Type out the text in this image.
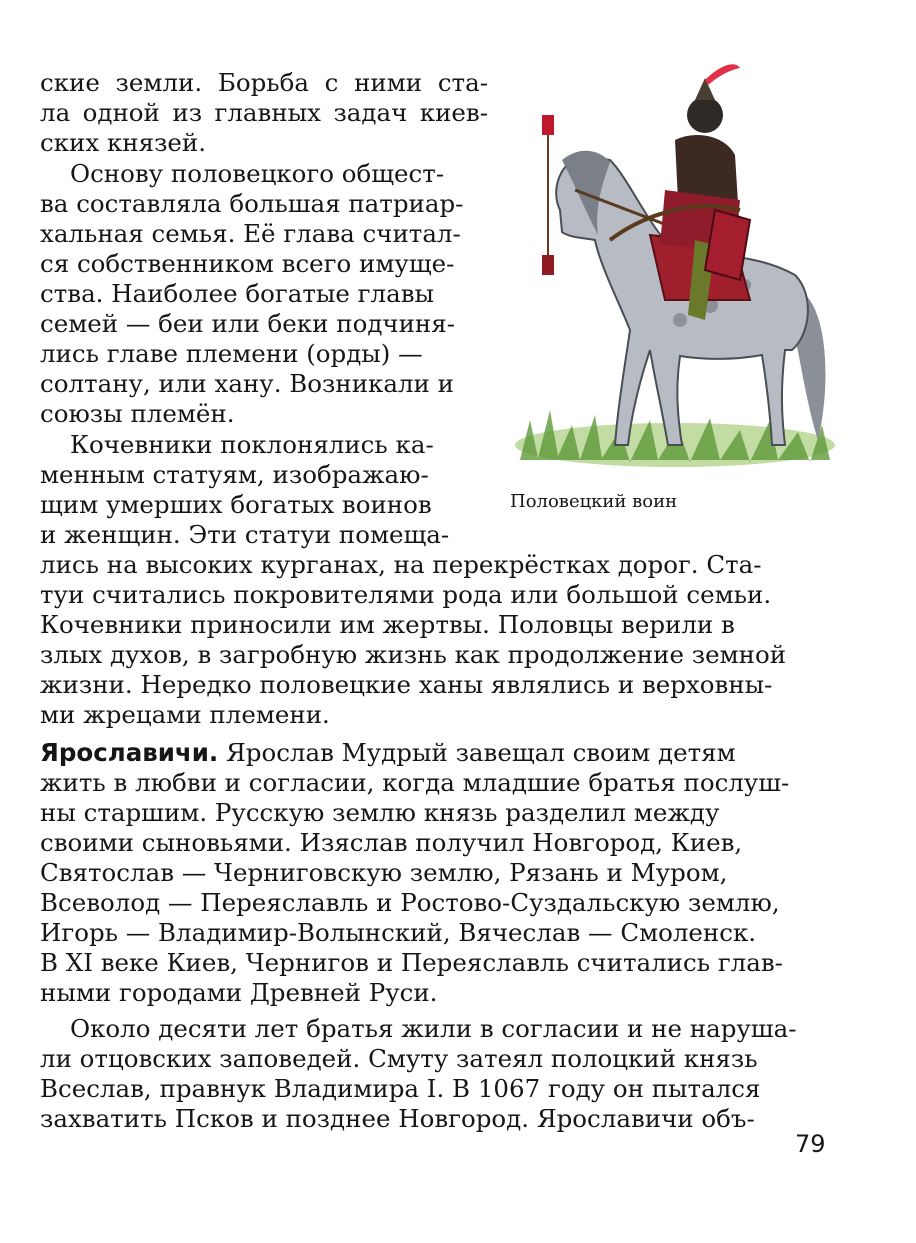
ские земли. Борьба с ними ста-
ла одной из главных задач киев-
ских князей.
Основу половецкого общест-
ва составляла большая патриар-
хальная семья. Её глава считал-
ся собственником всего имуще-
ства. Наиболее богатые главы
семей — беи или беки подчиня-
лись главе племени (орды) —
солтану, или хану. Возникали и
союзы племён.
Кочевники поклонялись ка-
менным статуям, изображаю-
щим умерших богатых воинов
и женщин. Эти статуи помеща-
лись на высоких курганах, на перекрёстках дорог. Ста-
туи считались покровителями рода или большой семьи.
Кочевники приносили им жертвы. Половцы верили в
злых духов, в загробную жизнь как продолжение земной
жизни. Нередко половецкие ханы являлись и верховны-
ми жрецами племени.
Ярославичи. Ярослав Мудрый завещал своим детям
жить в любви и согласии, когда младшие братья послуш-
ны старшим. Русскую землю князь разделил между
своими сыновьями. Изяслав получил Новгород, Киев,
Святослав — Черниговскую землю, Рязань и Муром,
Всеволод — Переяславль и Ростово-Суздальскую землю,
Игорь — Владимир-Волынский, Вячеслав — Смоленск.
В XI веке Киев, Чернигов и Переяславль считались глав-
ными городами Древней Руси.
Около десяти лет братья жили в согласии и не наруша-
ли отцовских заповедей. Смуту затеял полоцкий князь
Всеслав, правнук Владимира I. В 1067 году он пытался
захватить Псков и позднее Новгород. Ярославичи объ-
Половецкий воин
79
